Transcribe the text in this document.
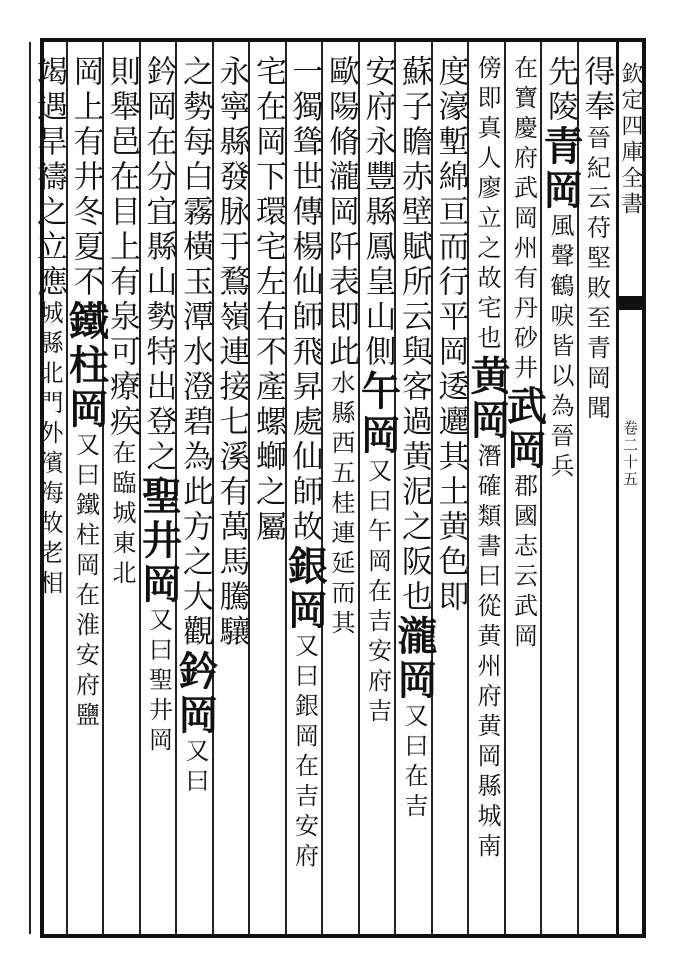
欽定四庫全書
卷二十五
得奉晉紀云苻堅敗至青岡聞
先陵青岡風聲鶴唳皆以為晉兵
在寶慶府武岡州有丹砂井武岡郡國志云武岡
傍即真人廖立之故宅也黄岡潛確類書曰從黄州府黄岡縣城南
度濠塹綿亘而行平岡逶邐其土黄色即
蘇子瞻赤壁賦所云與客過黄泥之阪也瀧岡又曰在吉
安府永豐縣鳳皇山側午岡又曰午岡在吉安府吉
歐陽脩瀧岡阡表即此水縣西五桂連延而其
一獨聳世傳楊仙師飛昇處仙師故銀岡又曰銀岡在吉安府
宅在岡下環宅左右不產螺螄之屬
永寧縣發脉于鶩嶺連接七溪有萬馬騰驤
之勢每白霧橫玉潭水澄碧為此方之大觀鈐岡又曰
鈐岡在分宜縣山勢特出登之聖井岡又曰聖井岡
則舉邑在目上有泉可療疾在臨城東北
岡上有井冬夏不鐵柱岡又曰鐵柱岡在淮安府鹽
竭遇旱禱之立應城縣北門外濱海故老相
